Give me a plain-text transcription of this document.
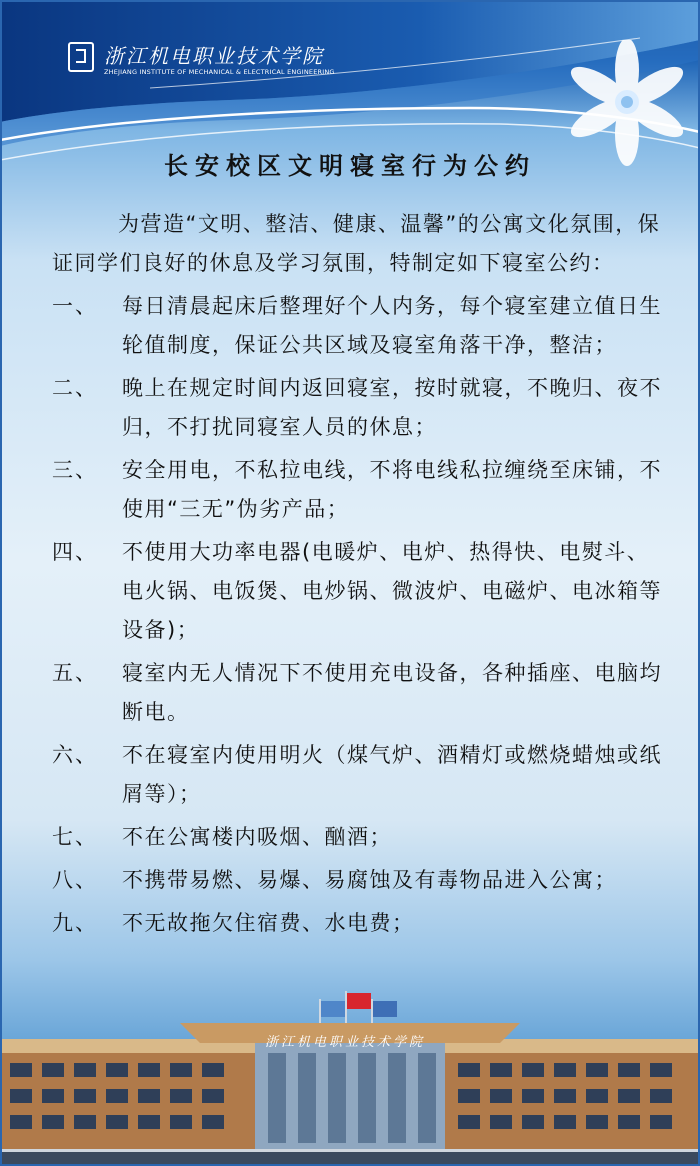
浙江机电职业技术学院
ZHEJIANG INSTITUTE OF MECHANICAL & ELECTRICAL ENGINEERING
长安校区文明寝室行为公约

为营造“文明、整洁、健康、温馨”的公寓文化氛围，保证同学们良好的休息及学习氛围，特制定如下寝室公约：

一、	每日清晨起床后整理好个人内务，每个寝室建立值日生轮值制度，保证公共区域及寝室角落干净，整洁；
二、	晚上在规定时间内返回寝室，按时就寝，不晚归、夜不归，不打扰同寝室人员的休息；
三、	安全用电，不私拉电线，不将电线私拉缠绕至床铺，不使用“三无”伪劣产品；
四、	不使用大功率电器(电暖炉、电炉、热得快、电熨斗、电火锅、电饭煲、电炒锅、微波炉、电磁炉、电冰箱等设备)；
五、	寝室内无人情况下不使用充电设备，各种插座、电脑均断电。
六、	不在寝室内使用明火（煤气炉、酒精灯或燃烧蜡烛或纸屑等）；
七、	不在公寓楼内吸烟、酗酒；
八、	不携带易燃、易爆、易腐蚀及有毒物品进入公寓；
九、	不无故拖欠住宿费、水电费；
浙江机电职业技术学院
